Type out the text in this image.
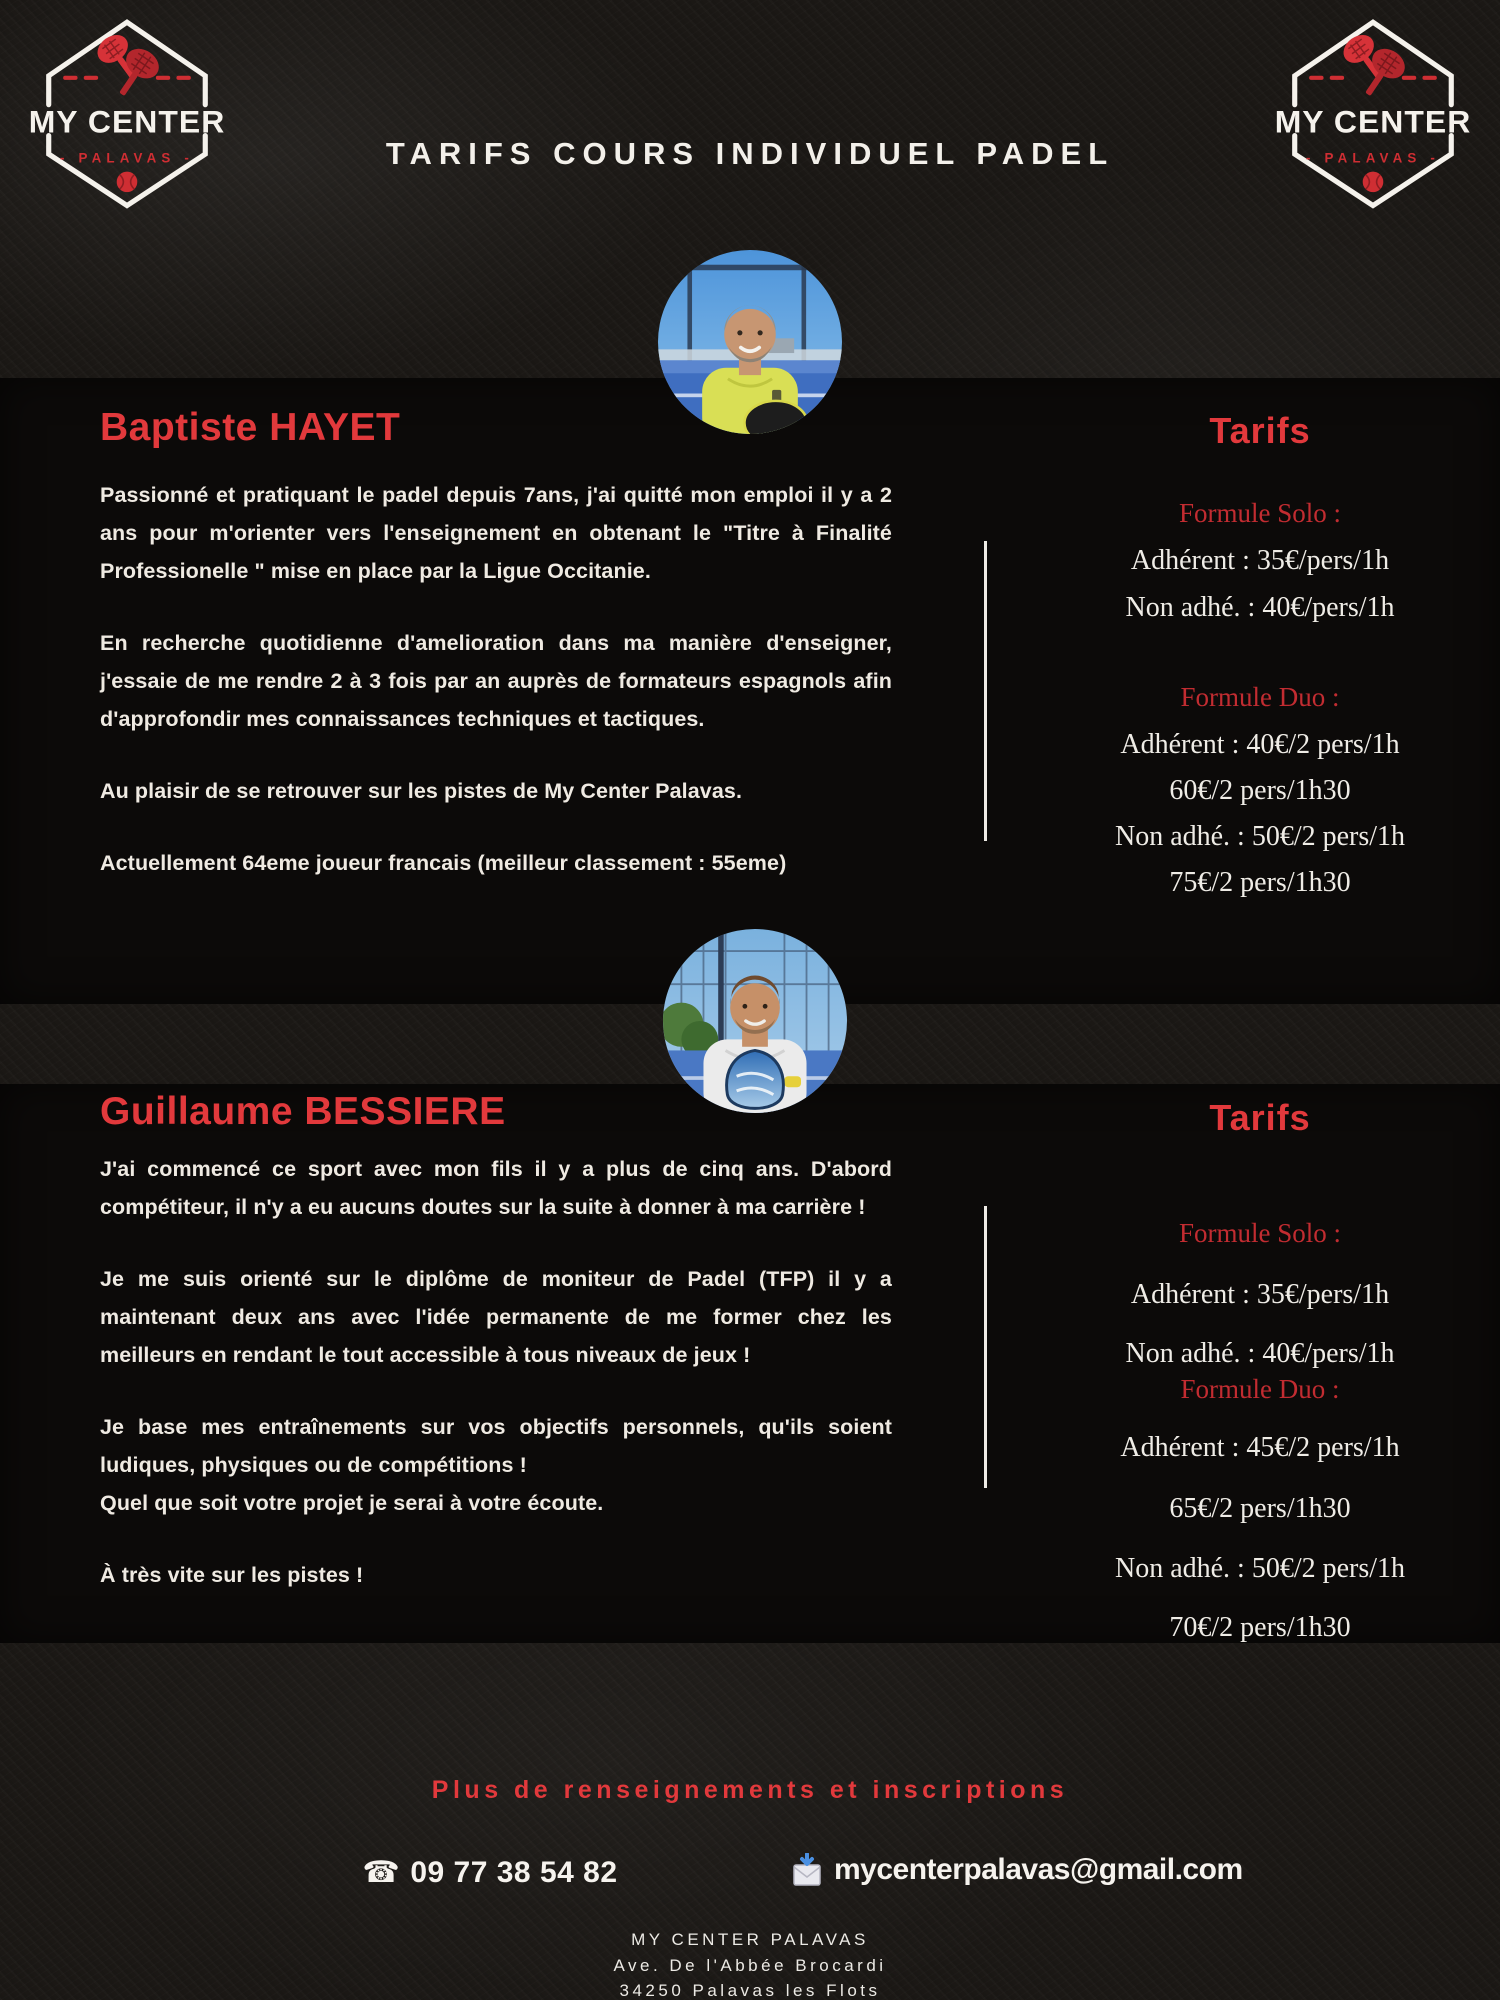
MY CENTER
- PALAVAS -
MY CENTER
- PALAVAS -
TARIFS COURS INDIVIDUEL PADEL
Baptiste HAYET

Passionné et pratiquant le padel depuis 7ans, j'ai quitté mon emploi il y a 2 ans pour m'orienter vers l'enseignement en obtenant le "Titre à Finalité Professionelle " mise en place par la Ligue Occitanie.

En recherche quotidienne d'amelioration dans ma manière d'enseigner, j'essaie de me rendre 2 à 3 fois par an auprès de formateurs espagnols afin d'approfondir mes connaissances techniques et tactiques.

Au plaisir de se retrouver sur les pistes de My Center Palavas.

Actuellement 64eme joueur francais (meilleur classement : 55eme)

Tarifs
Formule Solo :
Adhérent : 35€/pers/1h
Non adhé. : 40€/pers/1h
Formule Duo :
Adhérent : 40€/2 pers/1h
60€/2 pers/1h30
Non adhé. : 50€/2 pers/1h
75€/2 pers/1h30
Guillaume BESSIERE

J'ai commencé ce sport avec mon fils il y a plus de cinq ans. D'abord compétiteur, il n'y a eu aucuns doutes sur la suite à donner à ma carrière !

Je me suis orienté sur le diplôme de moniteur de Padel (TFP) il y a maintenant deux ans avec l'idée permanente de me former chez les meilleurs en rendant le tout accessible à tous niveaux de jeux !

Je base mes entraînements sur vos objectifs personnels, qu'ils soient ludiques, physiques ou de compétitions !

Quel que soit votre projet je serai à votre écoute.

À très vite sur les pistes !

Tarifs
Formule Solo :
Adhérent : 35€/pers/1h
Non adhé. : 40€/pers/1h
Formule Duo :
Adhérent : 45€/2 pers/1h
65€/2 pers/1h30
Non adhé. : 50€/2 pers/1h
70€/2 pers/1h30
Plus de renseignements et inscriptions
☎ 09 77 38 54 82	mycenterpalavas@gmail.com
MY CENTER PALAVAS
Ave. De l'Abbée Brocardi
34250 Palavas les Flots
